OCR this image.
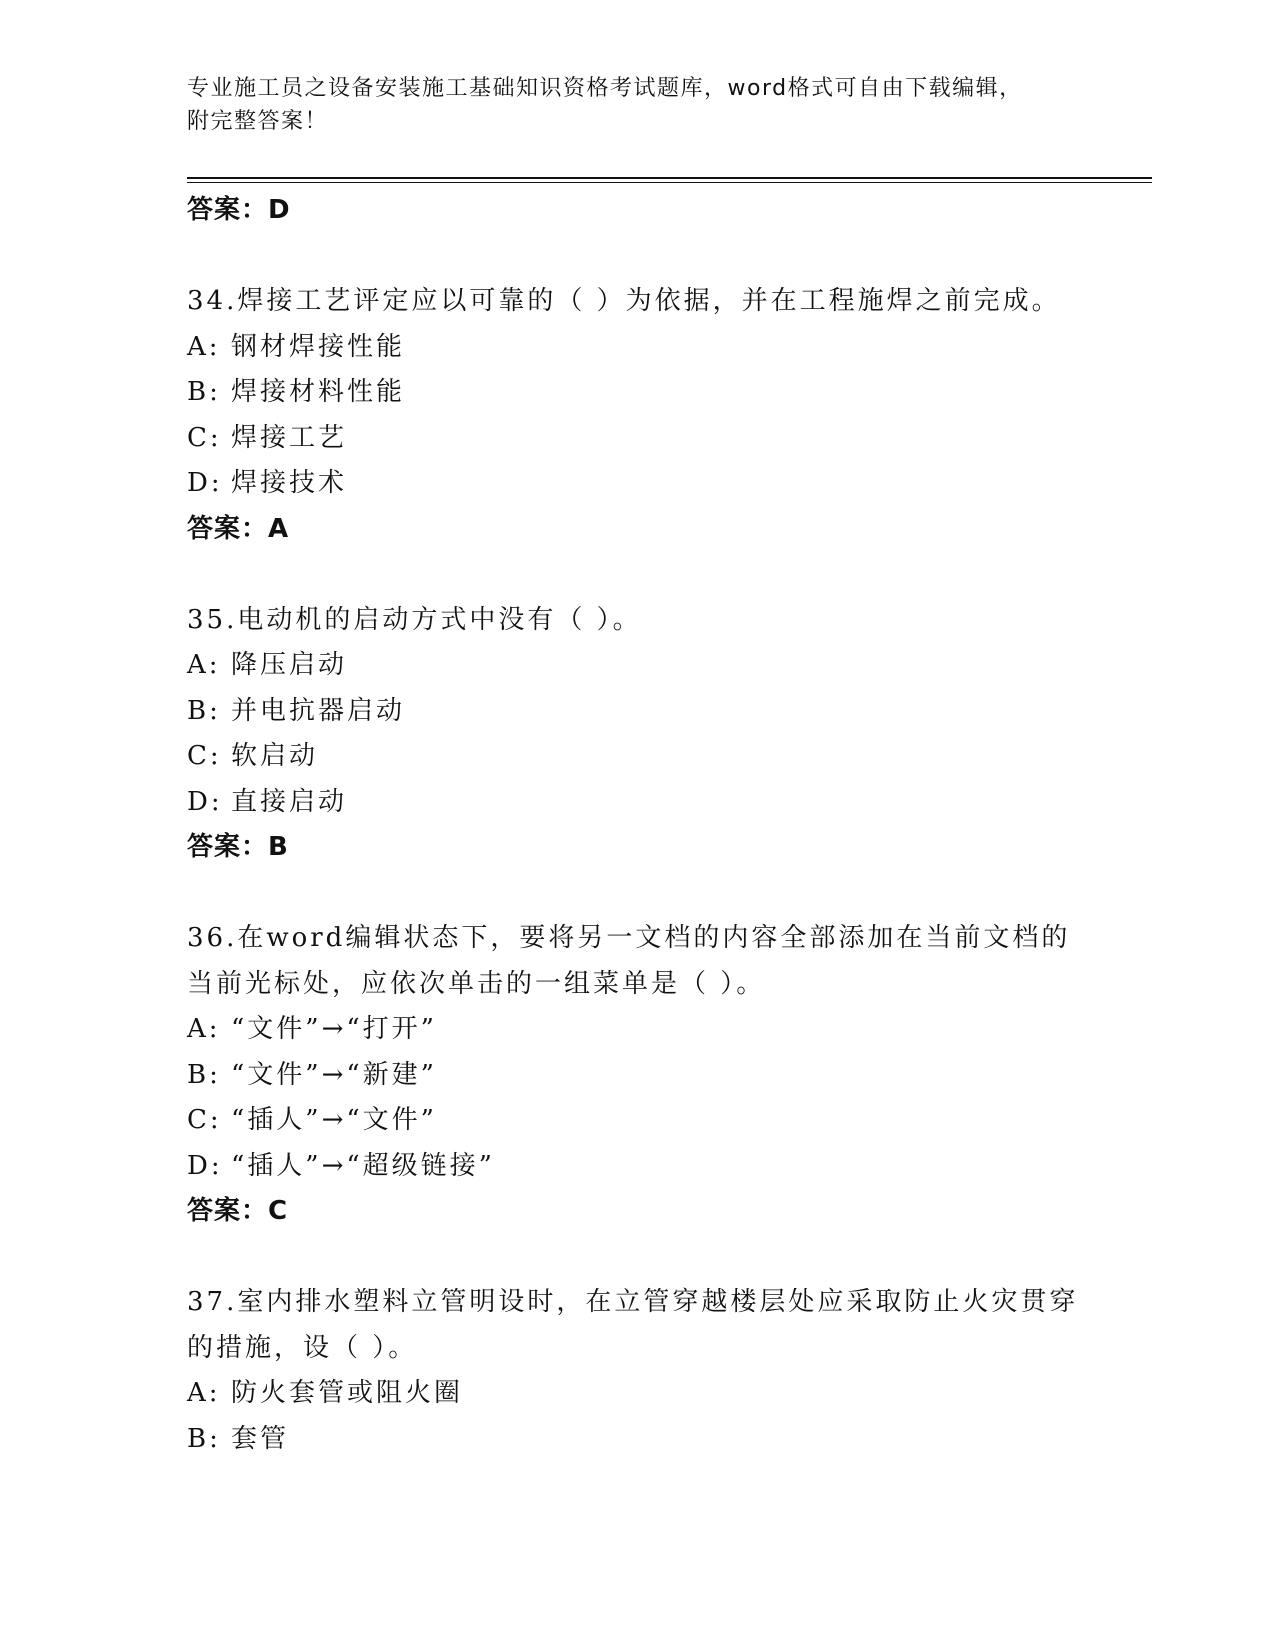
专业施工员之设备安装施工基础知识资格考试题库，word格式可自由下载编辑，
附完整答案！
答案：D
34.焊接工艺评定应以可靠的（ ）为依据，并在工程施焊之前完成。
A: 钢材焊接性能
B: 焊接材料性能
C: 焊接工艺
D: 焊接技术
答案：A
35.电动机的启动方式中没有（ ）。
A: 降压启动
B: 并电抗器启动
C: 软启动
D: 直接启动
答案：B
36.在word编辑状态下，要将另一文档的内容全部添加在当前文档的
当前光标处，应依次单击的一组菜单是（ ）。
A: “文件”→“打开”
B: “文件”→“新建”
C: “插人”→“文件”
D: “插人”→“超级链接”
答案：C
37.室内排水塑料立管明设时，在立管穿越楼层处应采取防止火灾贯穿
的措施，设（ ）。
A: 防火套管或阻火圈
B: 套管
